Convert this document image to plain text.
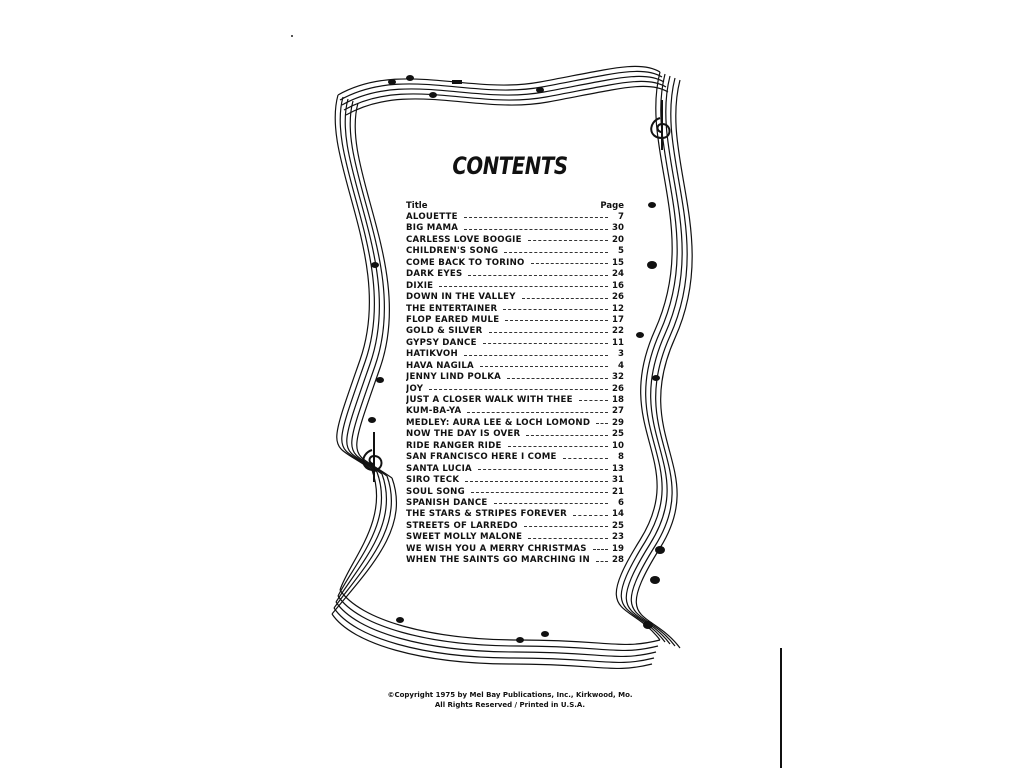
CONTENTS
Title	Page
ALOUETTE	7
BIG MAMA	30
CARLESS LOVE BOOGIE	20
CHILDREN'S SONG	5
COME BACK TO TORINO	15
DARK EYES	24
DIXIE	16
DOWN IN THE VALLEY	26
THE ENTERTAINER	12
FLOP EARED MULE	17
GOLD & SILVER	22
GYPSY DANCE	11
HATIKVOH	3
HAVA NAGILA	4
JENNY LIND POLKA	32
JOY	26
JUST A CLOSER WALK WITH THEE	18
KUM-BA-YA	27
MEDLEY: AURA LEE & LOCH LOMOND	29
NOW THE DAY IS OVER	25
RIDE RANGER RIDE	10
SAN FRANCISCO HERE I COME	8
SANTA LUCIA	13
SIRO TECK	31
SOUL SONG	21
SPANISH DANCE	6
THE STARS & STRIPES FOREVER	14
STREETS OF LARREDO	25
SWEET MOLLY MALONE	23
WE WISH YOU A MERRY CHRISTMAS	19
WHEN THE SAINTS GO MARCHING IN	28
©Copyright 1975 by Mel Bay Publications, Inc., Kirkwood, Mo.
All Rights Reserved / Printed in U.S.A.
